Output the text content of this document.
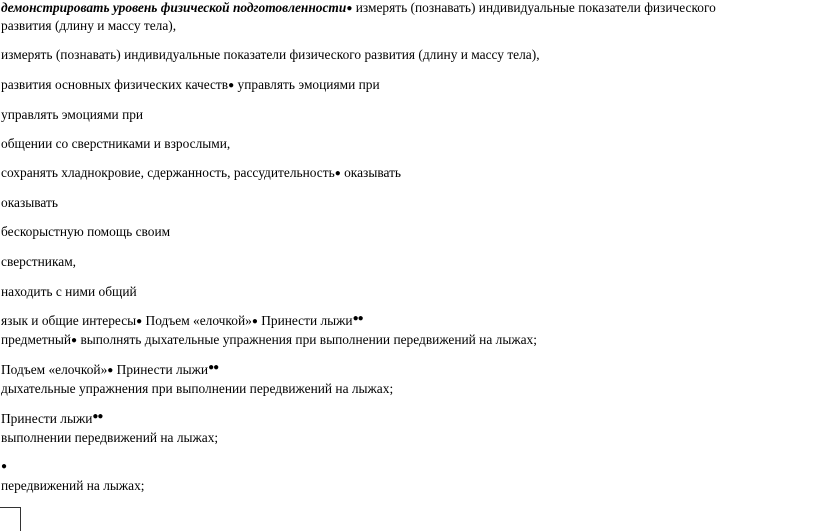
демонстрировать уровень физической подготовленности● измерять (познавать) индивидуальные показатели физического
развития (длину и массу тела),
измерять (познавать) индивидуальные показатели физического развития (длину и массу тела),
развития основных физических качеств● управлять эмоциями при
управлять эмоциями при
общении со сверстниками и взрослыми,
сохранять хладнокровие, сдержанность, рассудительность● оказывать
оказывать
бескорыстную помощь своим
сверстникам,
находить с ними общий
язык и общие интересы● Подъем «елочкой»● Принести лыжи●●
предметный● выполнять дыхательные упражнения при выполнении передвижений на лыжах;
Подъем «елочкой»● Принести лыжи●●
дыхательные упражнения при выполнении передвижений на лыжах;
Принести лыжи●●
выполнении передвижений на лыжах;
●
передвижений на лыжах;
